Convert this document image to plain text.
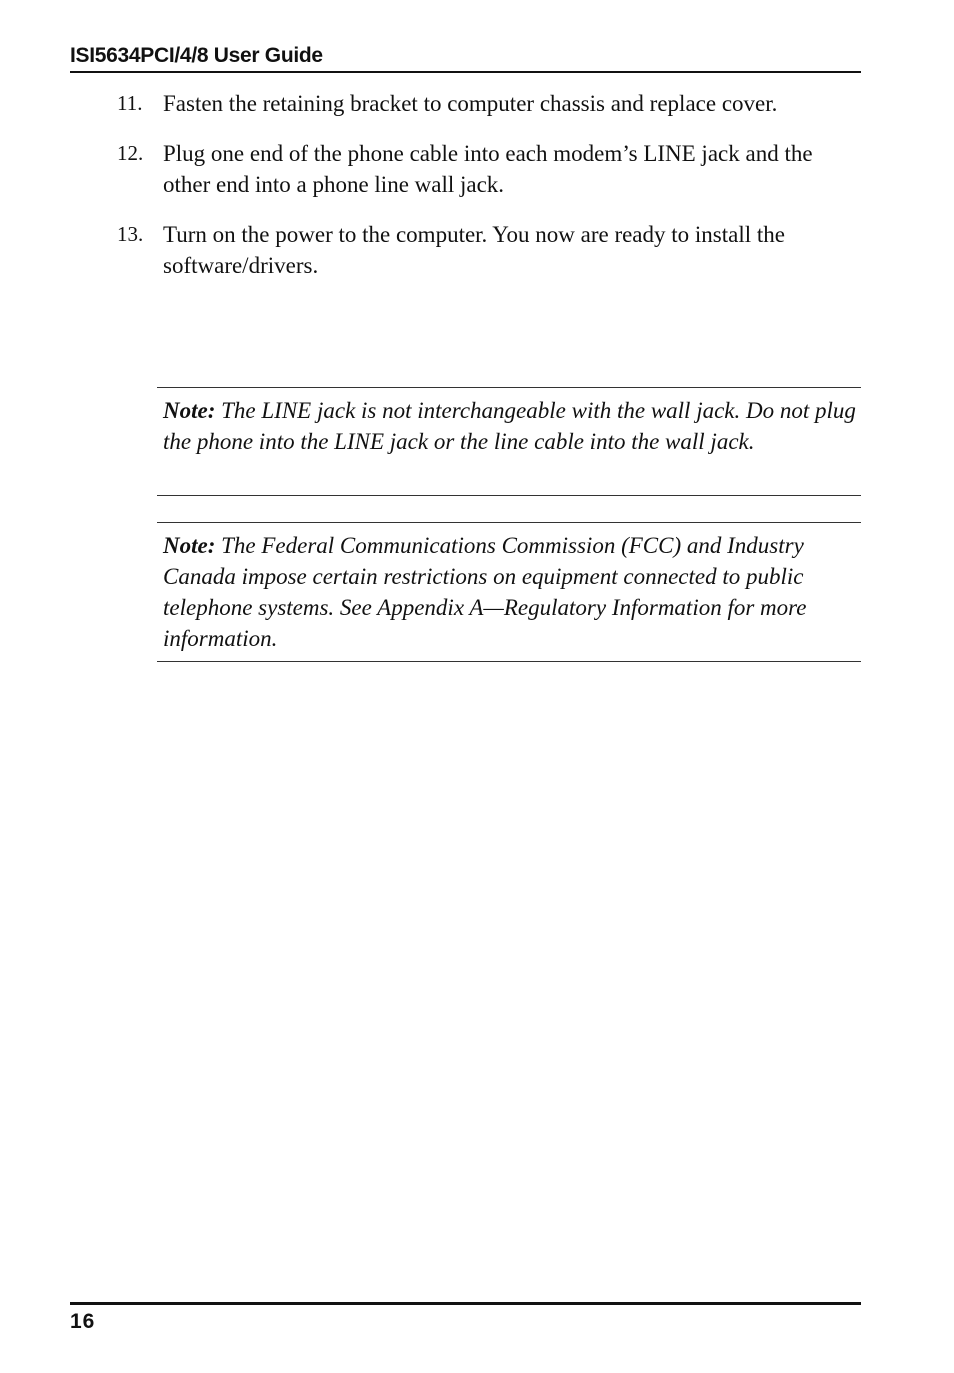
ISI5634PCI/4/8 User Guide
11. Fasten the retaining bracket to computer chassis and replace cover.
12. Plug one end of the phone cable into each modem’s LINE jack and the other end into a phone line wall jack.
13. Turn on the power to the computer. You now are ready to install the software/drivers.
Note: The LINE jack is not interchangeable with the wall jack. Do not plug the phone into the LINE jack or the line cable into the wall jack.
Note: The Federal Communications Commission (FCC) and Industry Canada impose certain restrictions on equipment connected to public telephone systems. See Appendix A—Regulatory Information for more information.
16
